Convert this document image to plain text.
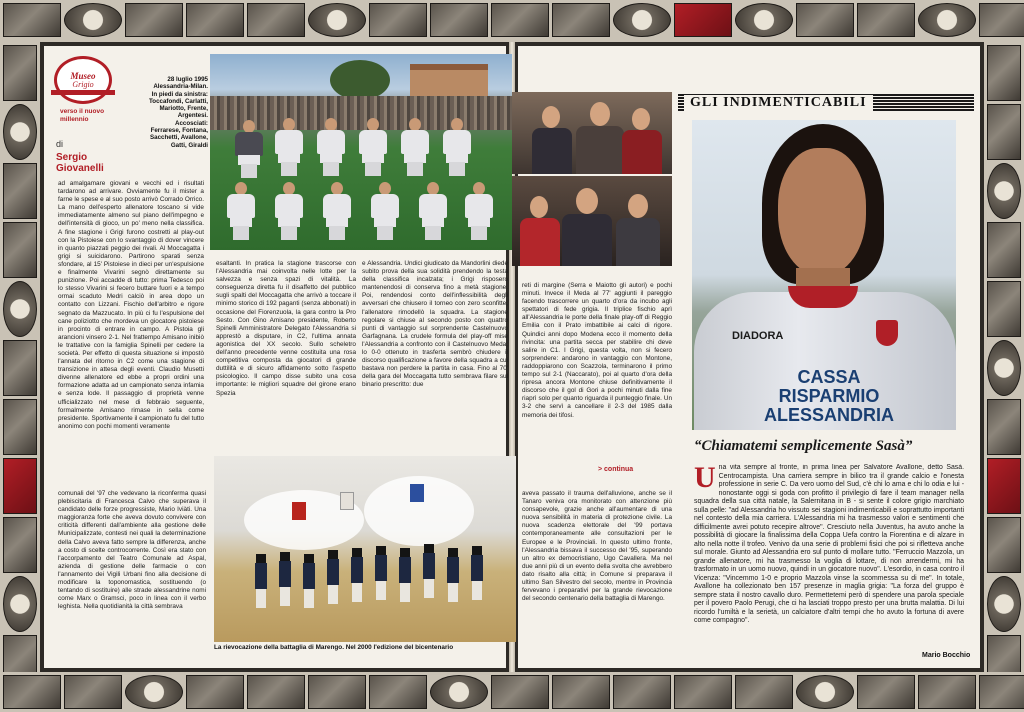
Museo
Grigio
verso il nuovo millennio
di
Sergio Giovanelli
28 luglio 1995 Alessandria-Milan. In piedi da sinistra: Toccafondi, Carlatti, Mariotto, Frente, Argentesi. Accosciati: Ferrarese, Fontana, Sacchetti, Avallone, Gatti, Giraldi
ad amalgamare giovani e vecchi ed i risultati tardarono ad arrivare. Ovviamente fu il mister a farne le spese e al suo posto arrivò Corrado Orrico. La mano dell'esperto allenatore toscano si vide immediatamente almeno sul piano dell'impegno e dell'intensità di gioco, un po' meno nella classifica. A fine stagione i Grigi furono costretti al play-out con la Pistoiese con lo svantaggio di dover vincere in quanto piazzati peggio dei rivali. Al Moccagatta i grigi si suicidarono. Partirono sparati senza sfondare, al 15' Pistoiese in dieci per un'espulsione e finalmente Vivarini segnò direttamente su punizione. Poi accadde di tutto: prima Tedesco poi lo stesso Vivarini si fecero buttare fuori e a tempo ormai scaduto Medri calciò in area dopo un contatto con Lizzani. Fischio dell'arbitro e rigore segnato da Mazzucato. In più ci fu l'espulsione del cane poliziotto che mordeva un giocatore pistoiese in procinto di entrare in campo. A Pistoia gli arancioni vinsero 2-1. Nel frattempo Amisano inibiò le trattative con la famiglia Spinelli per cedere la società. Per effetto di questa situazione si impostò l'annata del ritorno in C2 come una stagione di transizione in attesa degli eventi. Claudio Musetti divenne allenatore ed ebbe a propri ordini una formazione adatta ad un campionato senza infamia e senza lode. Il passaggio di proprietà venne ufficializzato nel mese di febbraio seguente, formalmente Amisano rimase in sella come presidente. Sportivamente il campionato fu del tutto anonimo con pochi momenti veramente
esaltanti. In pratica la stagione trascorse con l'Alessandria mai coinvolta nelle lotte per la salvezza e senza spazi di vitalità. La conseguenza diretta fu il disaffetto del pubblico sugli spalti del Moccagatta che arrivò a toccare il minimo storico di 192 paganti (senza abbonati) in occasione del Fiorenzuola, la gara contro la Pro Sesto. Con Gino Amisano presidente, Roberto Spinelli Amministratore Delegato l'Alessandria si apprestò a disputare, in C2, l'ultima annata agonistica del XX secolo. Sullo scheletro dell'anno precedente venne costituita una rosa competitiva composta da giocatori di grande duttilità e di sicuro affidamento sotto l'aspetto psicologico. Il campo disse subito una cosa importante: le migliori squadre del girone erano Spezia
e Alessandria. Undici giudicato da Mandorlini diede subito prova della sua solidità prendendo la testa della classifica incalzata; i Grigi risposero mantenendosi di conserva fino a metà stagione. Poi, rendendosi conto dell'inflessibilità degli avversari che chiusero il torneo con zero sconfitte, l'allenatore rimodellò la squadra. La stagione regolare si chiuse al secondo posto con quattro punti di vantaggio sul sorprendente Castelnuovo Garfagnana. La crudele formula del play-off mise l'Alessandria a confronto con il Castelnuovo Meda; lo 0-0 ottenuto in trasferta sembrò chiudere il discorso qualificazione a favore della squadra a cui bastava non perdere la partita in casa. Fino al 70' della gara del Moccagatta tutto sembrava filare sul binario prescritto: due
comunali del '97 che vedevano la riconferma quasi plebiscitaria di Francesca Calvo che superava il candidato delle forze progressiste, Mario Iviàti. Una maggioranza forte che aveva dovuto convivere con criticità differenti dall'ambiente alla gestione delle Municipalizzate, contesti nei quali la determinazione della Calvo aveva fatto sempre la differenza, anche a costo di scelte controcorrente. Così era stato con l'accorpamento del Teatro Comunale ad Aspal, azienda di gestione delle farmacie o con l'annamento dei Vigili Urbani fino alla decisione di modificare la toponomastica, sostituendo (o tentando di sostituire) alle strade alessandrine nomi come Marx o Gramsci, poco in linea con il verbo leghista. Nella quotidianità la città sembrava
La rievocazione della battaglia di Marengo. Nel 2000 l'edizione del bicentenario
reti di margine (Serra e Maiotto gli autori) e pochi minuti. Invece il Meda al 77' aggiunti il pareggio facendo trascorrere un quarto d'ora da incubo agli spettatori di fede grigia. Il triplice fischio aprì all'Alessandria le porte della finale play-off di Reggio Emilia con il Prato imbattibile ai calci di rigore. Quindici anni dopo Modena ecco il momento della rivincita: una partita secca per stabilire chi deve salire in C1. I Grigi, questa volta, non si fecero sorprendere: andarono in vantaggio con Montone, raddoppiarono con Scazzola, terminarono il primo tempo sul 2-1 (Naccarato), poi al quarto d'ora della ripresa ancora Montone chiuse definitivamente il discorso che il gol di Gori a pochi minuti dalla fine riaprì solo per quanto riguarda il punteggio finale. Un 3-2 che servì a cancellare il 2-3 del 1985 dalla memoria dei tifosi.
> continua
aveva passato il trauma dell'alluvione, anche se il Tanaro veniva ora monitorato con attenzione più consapevole, grazie anche all'aumentare di una nuova sensibilità in materia di protezione civile. La nuova scadenza elettorale del '99 portava contemporaneamente alle consultazioni per le Europee e le Provinciali. In questo ultimo fronte, l'Alessandria bissava il successo del '95, superando un altro ex democristiano, Ugo Cavallera. Ma nel due anni più di un evento della svolta che avrebbero dato risalto alla città; in Comune si preparava il ultimo San Silvestro del secolo, mentre in Provincia fervevano i preparativi per la grande rievocazione del secondo centenario della battaglia di Marengo.
GLI INDIMENTICABILI
DIADORA
CASSA RISPARMIO ALESSANDRIA
“Chiamatemi semplicemente Sasà”
Una vita sempre al fronte, in prima linea per Salvatore Avallone, detto Sasà. Centrocampista. Una carriera sempre in bilico tra il grande calcio e l'onesta professione in serie C. Da vero uomo del Sud, c'è chi lo ama e chi lo odia e lui - nonostante oggi si goda con profitto il privilegio di fare il team manager nella squadra della sua città natale, la Salernitana in B - si sente il colore grigio marchiato sulla pelle: "ad Alessandria ho vissuto sei stagioni indimenticabili e soprattutto importanti nel contesto della mia carriera. L'Alessandria mi ha trasmesso valori e sentimenti che difficilmente avrei potuto recepire altrove". Cresciuto nella Juventus, ha avuto anche la possibilità di giocare la finalissima della Coppa Uefa contro la Fiorentina e di alzare in alto nella notte il trofeo. Venivo da una serie di problemi fisici che poi si rifletteva anche sul morale. Giunto ad Alessandria ero sul punto di mollare tutto. "Ferruccio Mazzola, un grande allenatore, mi ha trasmesso la voglia di lottare, di non arrendermi, mi ha trasformato in un uomo nuovo, quindi in un giocatore nuovo". L'esordio, in casa contro il Vicenza: "Vincemmo 1-0 e proprio Mazzola vinse la scommessa su di me". In totale, Avallone ha collezionato ben 157 presenze in maglia grigia: "La forza del gruppo è sempre stata il nostro cavallo duro. Permettetemi però di spendere una parola speciale per il povero Paolo Perugi, che ci ha lasciati troppo presto per una brutta malattia. Di lui ricordo l'umiltà e la serietà, un calciatore d'altri tempi che ho avuto la fortuna di avere come compagno".
Mario Bocchio
